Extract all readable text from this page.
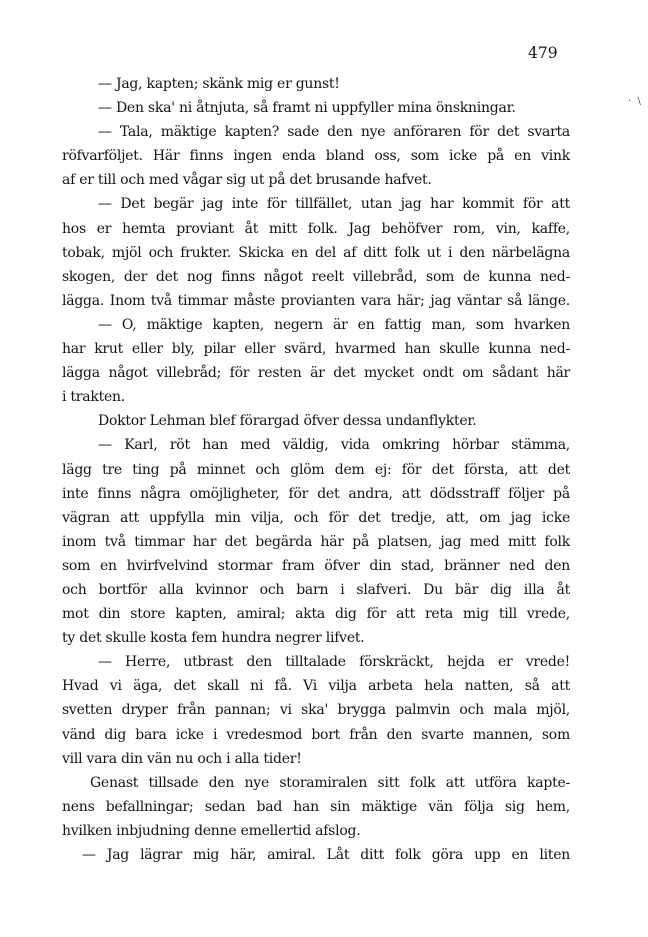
479
·  \
— Jag, kapten; skänk mig er gunst!
— Den ska' ni åtnjuta, så framt ni uppfyller mina önskningar.
— Tala, mäktige kapten? sade den nye anföraren för det svarta
röfvarföljet. Här finns ingen enda bland oss, som icke på en vink
af er till och med vågar sig ut på det brusande hafvet.
— Det begär jag inte för tillfället, utan jag har kommit för att
hos er hemta proviant åt mitt folk. Jag behöfver rom, vin, kaffe,
tobak, mjöl och frukter. Skicka en del af ditt folk ut i den närbelägna
skogen, der det nog finns något reelt villebråd, som de kunna ned-
lägga. Inom två timmar måste provianten vara här; jag väntar så länge.
— O, mäktige kapten, negern är en fattig man, som hvarken
har krut eller bly, pilar eller svärd, hvarmed han skulle kunna ned-
lägga något villebråd; för resten är det mycket ondt om sådant här
i trakten.
Doktor Lehman blef förargad öfver dessa undanflykter.
— Karl, röt han med väldig, vida omkring hörbar stämma,
lägg tre ting på minnet och glöm dem ej: för det första, att det
inte finns några omöjligheter, för det andra, att dödsstraff följer på
vägran att uppfylla min vilja, och för det tredje, att, om jag icke
inom två timmar har det begärda här på platsen, jag med mitt folk
som en hvirfvelvind stormar fram öfver din stad, bränner ned den
och bortför alla kvinnor och barn i slafveri. Du bär dig illa åt
mot din store kapten, amiral; akta dig för att reta mig till vrede,
ty det skulle kosta fem hundra negrer lifvet.
— Herre, utbrast den tilltalade förskräckt, hejda er vrede!
Hvad vi äga, det skall ni få. Vi vilja arbeta hela natten, så att
svetten dryper från pannan; vi ska' brygga palmvin och mala mjöl,
vänd dig bara icke i vredesmod bort från den svarte mannen, som
vill vara din vän nu och i alla tider!
Genast tillsade den nye storamiralen sitt folk att utföra kapte-
nens befallningar; sedan bad han sin mäktige vän följa sig hem,
hvilken inbjudning denne emellertid afslog.
— Jag lägrar mig här, amiral. Låt ditt folk göra upp en liten
